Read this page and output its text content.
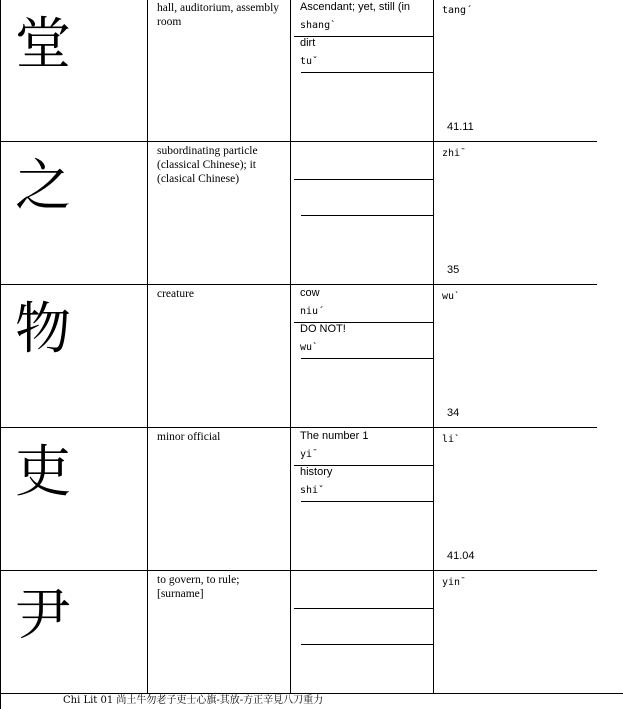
堂
hall, auditorium, assembly room
Ascendant; yet, still (in
shang`
dirt
tuˇ
tang´
41.11
之
subordinating particle (classical Chinese); it (clasical Chinese)
zhi¯
35
物
creature	cow
niu´
DO NOT!
wu`
wu`
34
吏
minor official	The number 1
yi¯
history
shiˇ
li`
41.04
尹
to govern, to rule; [surname]
yin¯
Chi Lit 01 尚土牛勿老子吏士心旗-其放-方正辛見八刀重力
